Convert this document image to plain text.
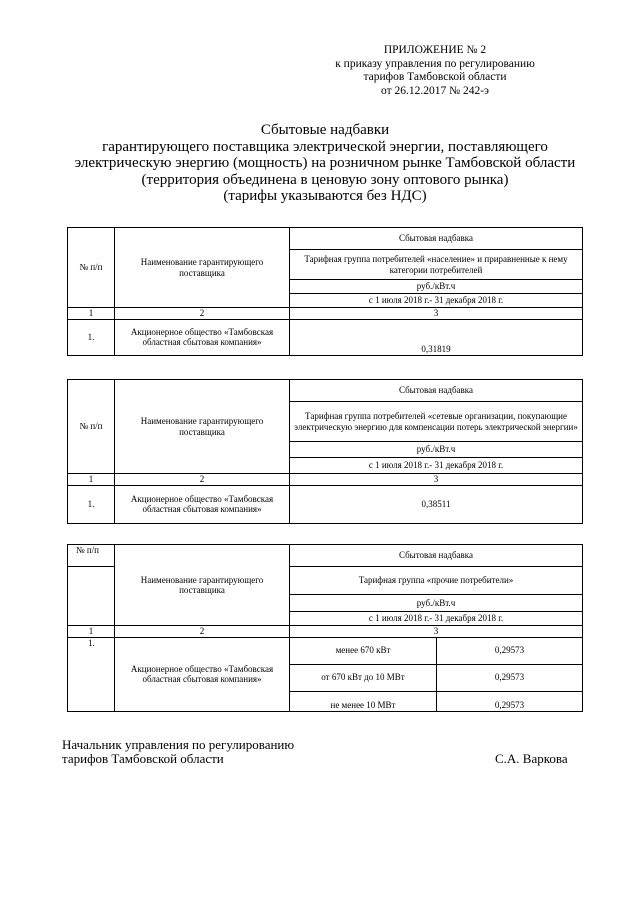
ПРИЛОЖЕНИЕ № 2
к приказу управления по регулированию
тарифов Тамбовской области
от 26.12.2017 № 242-э
Сбытовые надбавки
гарантирующего поставщика электрической энергии, поставляющего
электрическую энергию (мощность) на розничном рынке Тамбовской области
(территория объединена в ценовую зону оптового рынка)
(тарифы указываются без НДС)
№ п/п	Наименование гарантирующего поставщика	Сбытовая надбавка
		Тарифная группа потребителей «население» и приравненные к нему категории потребителей
		руб./кВт.ч
		с 1 июля 2018 г.- 31 декабря 2018 г.
1	2	3
1.	Акционерное общество «Тамбовская областная сбытовая компания»	0,31819
№ п/п	Наименование гарантирующего поставщика	Сбытовая надбавка
		Тарифная группа потребителей «сетевые организации, покупающие электрическую энергию для компенсации потерь электрической энергии»
		руб./кВт.ч
		с 1 июля 2018 г.- 31 декабря 2018 г.
1	2	3
1.	Акционерное общество «Тамбовская областная сбытовая компания»	0,38511
№ п/п	Наименование гарантирующего поставщика	Сбытовая надбавка	
		Тарифная группа «прочие потребители»	
		руб./кВт.ч	
		с 1 июля 2018 г.- 31 декабря 2018 г.	
1	2	3	
1.	Акционерное общество «Тамбовская областная сбытовая компания»	менее 670 кВт	0,29573
		от 670 кВт до 10 МВт	0,29573
		не менее 10 МВт	0,29573
Начальник управления по регулированию
тарифов Тамбовской области	С.А. Варкова
